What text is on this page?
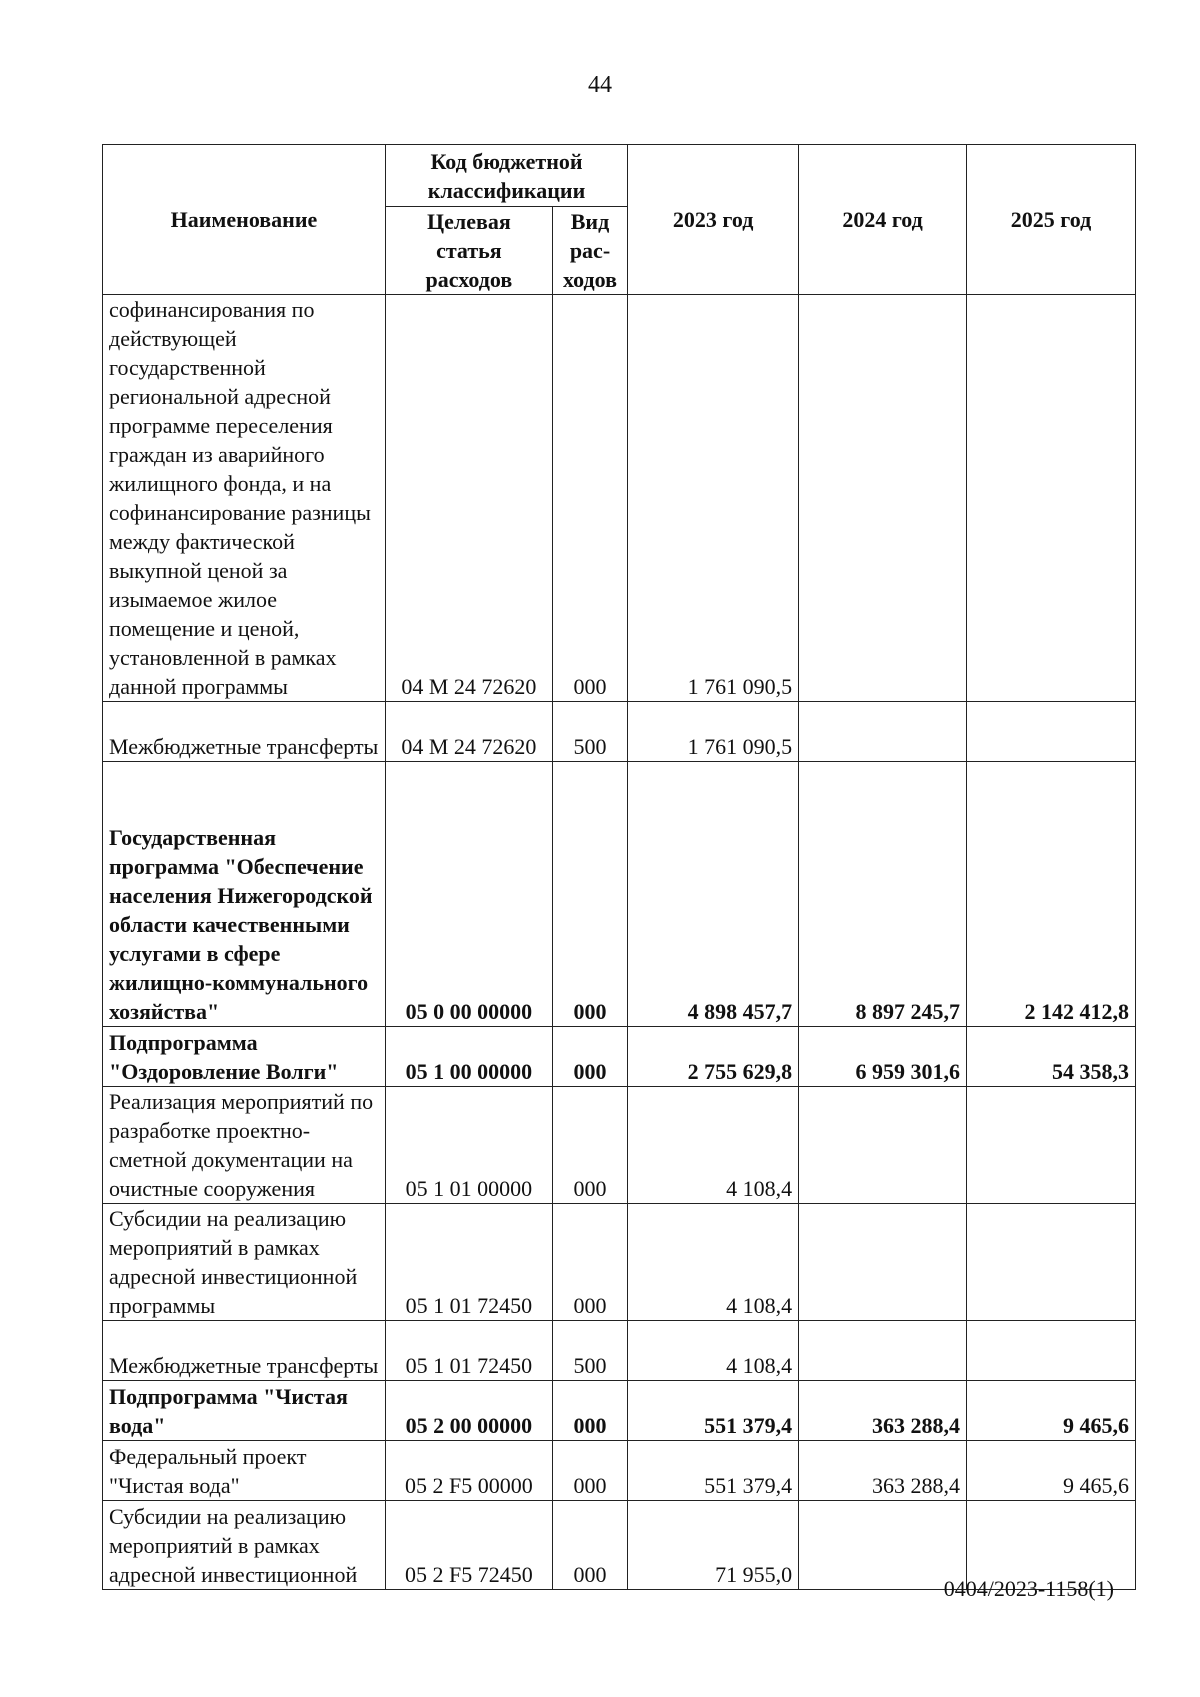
44
Наименование	Код бюджетной классификации		2023 год	2024 год	2025 год
	Целевая статья расходов	Вид рас-ходов			
софинансирования по действующей государственной региональной адресной программе переселения граждан из аварийного жилищного фонда, и на софинансирование разницы между фактической выкупной ценой за изымаемое жилое помещение и ценой, установленной в рамках данной программы	04 М 24 72620	000	1 761 090,5		
Межбюджетные трансферты	04 М 24 72620	500	1 761 090,5		
Государственная программа "Обеспечение населения Нижегородской области качественными услугами в сфере жилищно-коммунального хозяйства"	05 0 00 00000	000	4 898 457,7	8 897 245,7	2 142 412,8
Подпрограмма "Оздоровление Волги"	05 1 00 00000	000	2 755 629,8	6 959 301,6	54 358,3
Реализация мероприятий по разработке проектно-сметной документации на очистные сооружения	05 1 01 00000	000	4 108,4		
Субсидии на реализацию мероприятий в рамках адресной инвестиционной программы	05 1 01 72450	000	4 108,4		
Межбюджетные трансферты	05 1 01 72450	500	4 108,4		
Подпрограмма "Чистая вода"	05 2 00 00000	000	551 379,4	363 288,4	9 465,6
Федеральный проект "Чистая вода"	05 2 F5 00000	000	551 379,4	363 288,4	9 465,6
Субсидии на реализацию мероприятий в рамках адресной инвестиционной	05 2 F5 72450	000	71 955,0		
0404/2023-1158(1)
